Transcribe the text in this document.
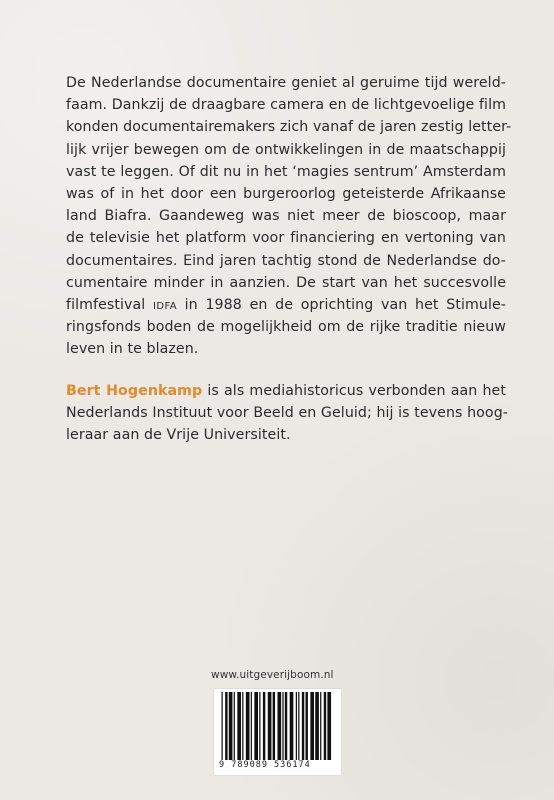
De Nederlandse documentaire geniet al geruime tijd wereld-
faam. Dankzij de draagbare camera en de lichtgevoelige film
konden documentairemakers zich vanaf de jaren zestig letter-
lijk vrijer bewegen om de ontwikkelingen in de maatschappij
vast te leggen. Of dit nu in het ‘magies sentrum’ Amsterdam
was of in het door een burgeroorlog geteisterde Afrikaanse
land Biafra. Gaandeweg was niet meer de bioscoop, maar
de televisie het platform voor financiering en vertoning van
documentaires. Eind jaren tachtig stond de Nederlandse do-
cumentaire minder in aanzien. De start van het succesvolle
filmfestival idfa in 1988 en de oprichting van het Stimule-
ringsfonds boden de mogelijkheid om de rijke traditie nieuw
leven in te blazen.
Bert Hogenkamp is als mediahistoricus verbonden aan het
Nederlands Instituut voor Beeld en Geluid; hij is tevens hoog-
leraar aan de Vrije Universiteit.
www.uitgeverijboom.nl
9 789089 536174
